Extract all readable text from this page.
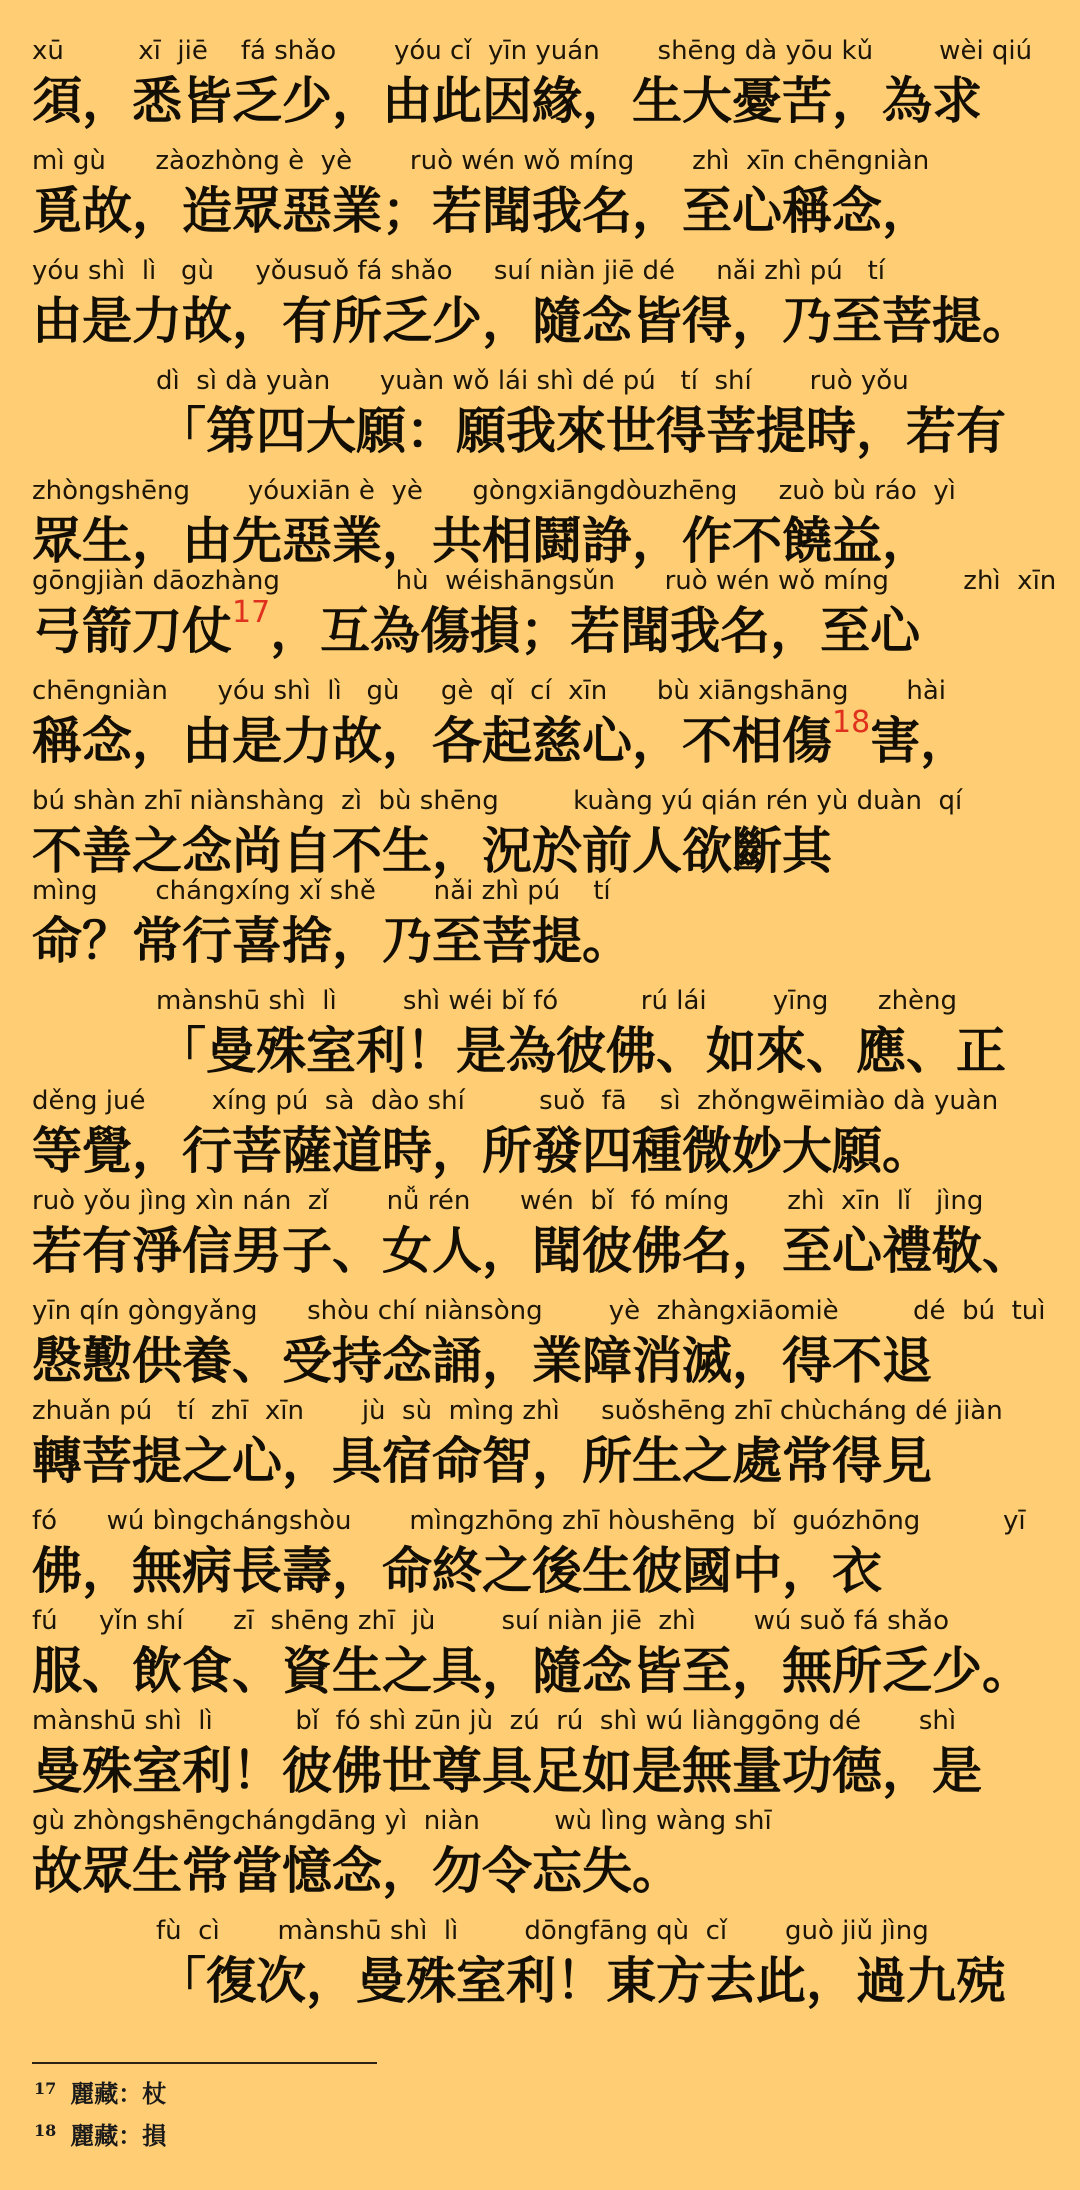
xū         xī  jiē    fá shǎo       yóu cǐ  yīn yuán       shēng dà yōu kǔ        wèi qiú
須，悉皆乏少，由此因緣，生大憂苦，為求
mì gù      zàozhòng è  yè       ruò wén wǒ míng       zhì  xīn chēngniàn
覓故，造眾惡業；若聞我名，至心稱念，
yóu shì  lì   gù     yǒusuǒ fá shǎo     suí niàn jiē dé     nǎi zhì pú   tí
由是力故，有所乏少，隨念皆得，乃至菩提。
dì  sì dà yuàn      yuàn wǒ lái shì dé pú   tí  shí       ruò yǒu
「第四大願：願我來世得菩提時，若有
zhòngshēng       yóuxiān è  yè      gòngxiāngdòuzhēng     zuò bù ráo  yì
眾生，由先惡業，共相鬪諍，作不饒益，
gōngjiàn dāozhàng              hù  wéishāngsǔn      ruò wén wǒ míng         zhì  xīn
弓箭刀仗$^{17}$，互為傷損；若聞我名，至心
chēngniàn      yóu shì  lì   gù     gè  qǐ  cí  xīn      bù xiāngshāng       hài
稱念，由是力故，各起慈心，不相傷$^{18}$害，
bú shàn zhī niànshàng  zì  bù shēng         kuàng yú qián rén yù duàn  qí
不善之念尚自不生，況於前人欲斷其
mìng       chángxíng xǐ shě       nǎi zhì pú    tí
命？常行喜捨，乃至菩提。
mànshū shì  lì        shì wéi bǐ fó          rú lái        yīng      zhèng
「曼殊室利！是為彼佛、如來、應、正
děng jué        xíng pú  sà  dào shí         suǒ  fā    sì  zhǒngwēimiào dà yuàn
等覺，行菩薩道時，所發四種微妙大願。
ruò yǒu jìng xìn nán  zǐ       nǚ rén      wén  bǐ  fó míng       zhì  xīn  lǐ   jìng
若有淨信男子、女人，聞彼佛名，至心禮敬、
yīn qín gòngyǎng      shòu chí niànsòng        yè  zhàngxiāomiè         dé  bú  tuì
慇懃供養、受持念誦，業障消滅，得不退
zhuǎn pú   tí  zhī  xīn       jù  sù  mìng zhì     suǒshēng zhī chùcháng dé jiàn
轉菩提之心，具宿命智，所生之處常得見
fó      wú bìngchángshòu       mìngzhōng zhī hòushēng  bǐ  guózhōng          yī
佛，無病長壽，命終之後生彼國中，衣
fú     yǐn shí      zī  shēng zhī  jù        suí niàn jiē  zhì       wú suǒ fá shǎo
服、飲食、資生之具，隨念皆至，無所乏少。
mànshū shì  lì          bǐ  fó shì zūn jù  zú  rú  shì wú liànggōng dé       shì
曼殊室利！彼佛世尊具足如是無量功德，是
gù zhòngshēngchángdāng yì  niàn         wù lìng wàng shī
故眾生常當憶念，勿令忘失。
fù  cì       mànshū shì  lì        dōngfāng qù  cǐ       guò jiǔ jìng
「復次，曼殊室利！東方去此，過九殑
$^{17}$ 麗藏：杖
$^{18}$ 麗藏：損
